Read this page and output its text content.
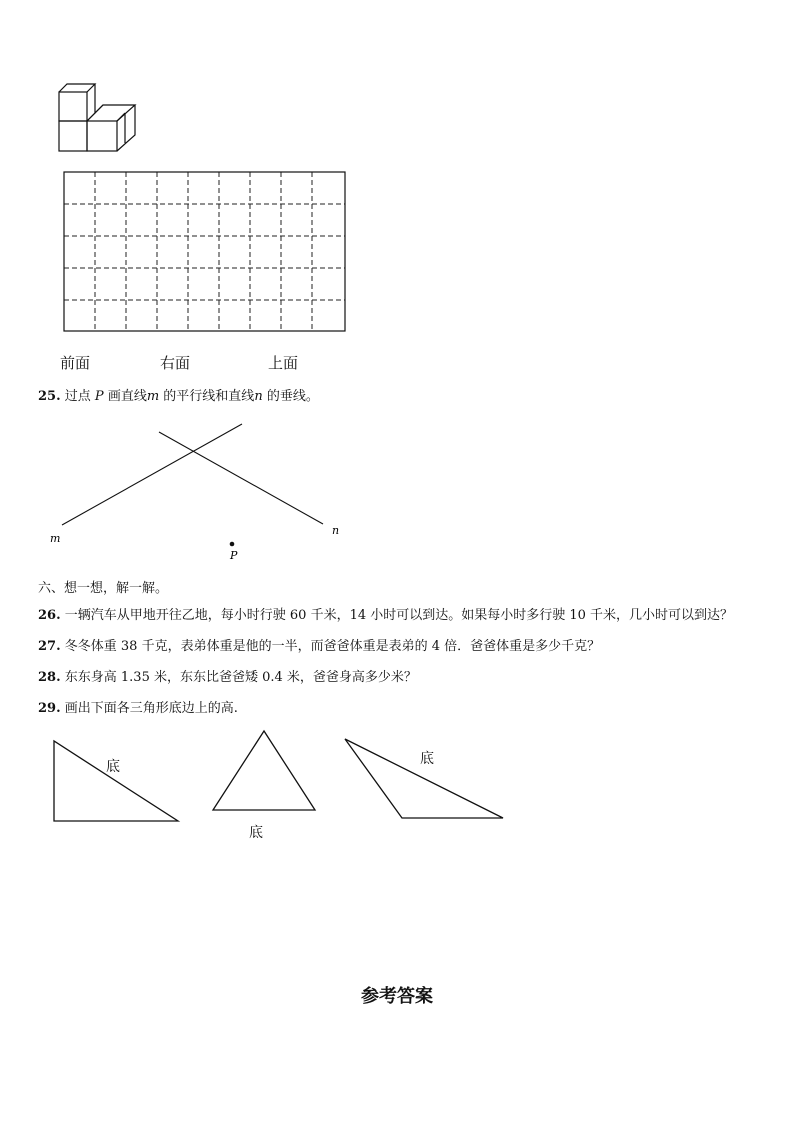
前面	右面	上面
25. 过点 P 画直线m 的平行线和直线n 的垂线。
m
n
P
六、想一想，解一解。
26. 一辆汽车从甲地开往乙地，每小时行驶 60 千米，14 小时可以到达。如果每小时多行驶 10 千米，几小时可以到达？
27. 冬冬体重 38 千克，表弟体重是他的一半，而爸爸体重是表弟的 4 倍．爸爸体重是多少千克？
28. 东东身高 1.35 米，东东比爸爸矮 0.4 米，爸爸身高多少米？
29. 画出下面各三角形底边上的高.
底
底
底
参考答案
